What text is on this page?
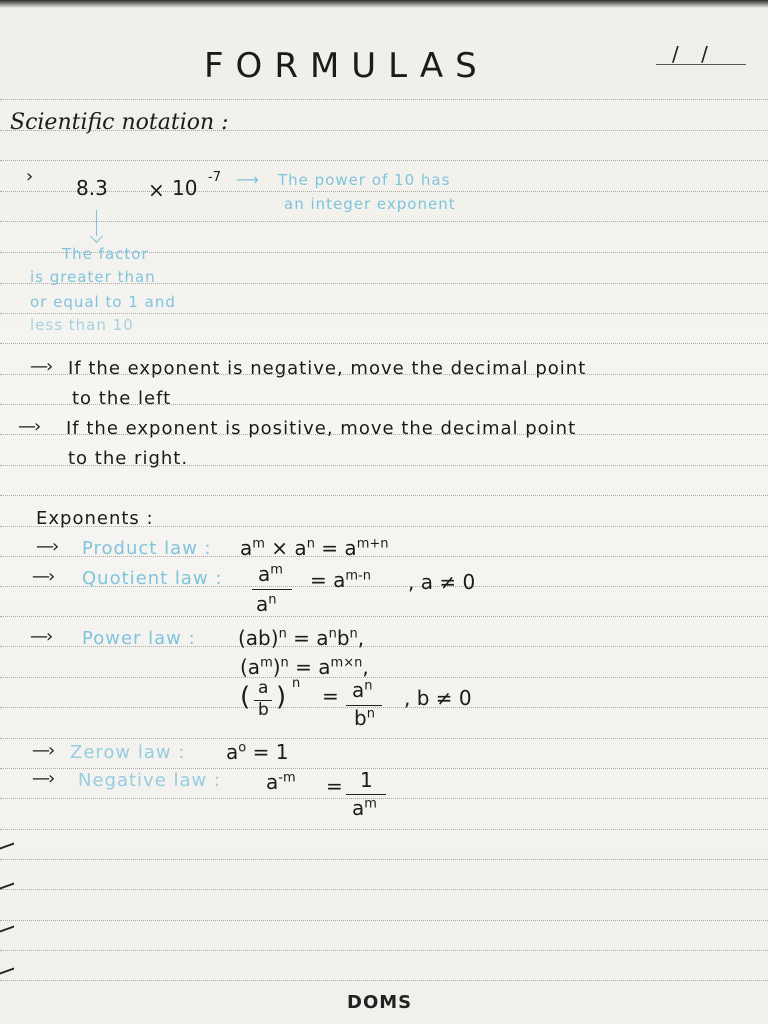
FORMULAS	/ /
Scientific notation :
› 8.3 × 10 -7 ⟶ The power of 10 has
an integer exponent
The factor
is greater than
or equal to 1 and
less than 10
—› If the exponent is negative, move the decimal point
to the left
—› If the exponent is positive, move the decimal point
to the right.
Exponents :
—› Product law : $a^m \times a^n = a^{m+n}$
—› Quotient law : $a^m$
$a^n$
= $a^{m-n}$ , a ≠ 0
—› Power law : $(ab)^n = a^nb^n$,
$(a^m)^n = a^{m\times n}$,
( a
b ) n
= $a^n$
$b^n$
, b ≠ 0
—› Zerow law : $a^o = 1$
—› Negative law : $a^{-m} = 1$
$a^m$
DOMS
